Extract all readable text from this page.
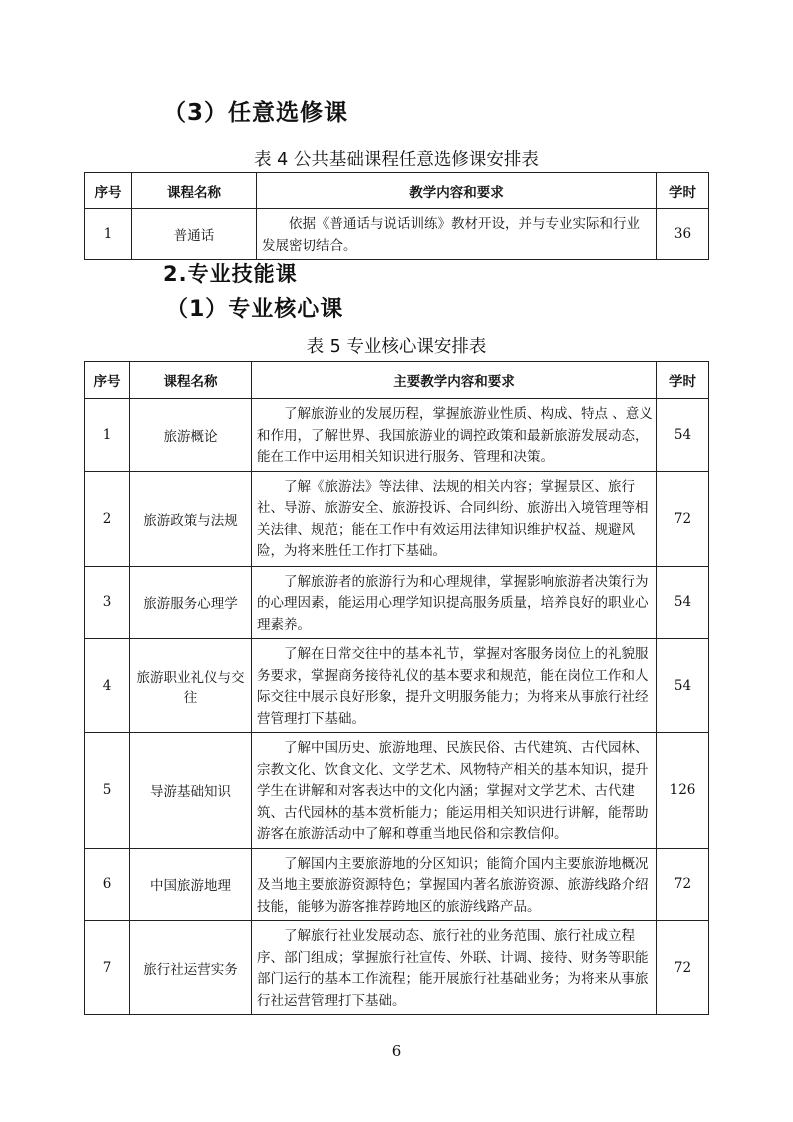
（3）任意选修课

表 4 公共基础课程任意选修课安排表

序号	课程名称	教学内容和要求	学时
1	普通话	依据《普通话与说话训练》教材开设，并与专业实际和行业发展密切结合。	36
2.专业技能课
（1）专业核心课

表 5 专业核心课安排表

序号	课程名称	主要教学内容和要求	学时
1	旅游概论	了解旅游业的发展历程，掌握旅游业性质、构成、特点 、意义和作用，了解世界、我国旅游业的调控政策和最新旅游发展动态，能在工作中运用相关知识进行服务、管理和决策。	54
2	旅游政策与法规	了解《旅游法》等法律、法规的相关内容；掌握景区、旅行社、导游、旅游安全、旅游投诉、合同纠纷、旅游出入境管理等相关法律、规范；能在工作中有效运用法律知识维护权益、规避风险，为将来胜任工作打下基础。	72
3	旅游服务心理学	了解旅游者的旅游行为和心理规律，掌握影响旅游者决策行为的心理因素，能运用心理学知识提高服务质量，培养良好的职业心理素养。	54
4	旅游职业礼仪与交往	了解在日常交往中的基本礼节，掌握对客服务岗位上的礼貌服务要求，掌握商务接待礼仪的基本要求和规范，能在岗位工作和人际交往中展示良好形象，提升文明服务能力；为将来从事旅行社经营管理打下基础。	54
5	导游基础知识	了解中国历史、旅游地理、民族民俗、古代建筑、古代园林、宗教文化、饮食文化、文学艺术、风物特产相关的基本知识，提升学生在讲解和对客表达中的文化内涵；掌握对文学艺术、古代建筑、古代园林的基本赏析能力；能运用相关知识进行讲解，能帮助游客在旅游活动中了解和尊重当地民俗和宗教信仰。	126
6	中国旅游地理	了解国内主要旅游地的分区知识；能简介国内主要旅游地概况及当地主要旅游资源特色；掌握国内著名旅游资源、旅游线路介绍技能，能够为游客推荐跨地区的旅游线路产品。	72
7	旅行社运营实务	了解旅行社业发展动态、旅行社的业务范围、旅行社成立程序、部门组成；掌握旅行社宣传、外联、计调、接待、财务等职能部门运行的基本工作流程；能开展旅行社基础业务；为将来从事旅行社运营管理打下基础。	72

6
